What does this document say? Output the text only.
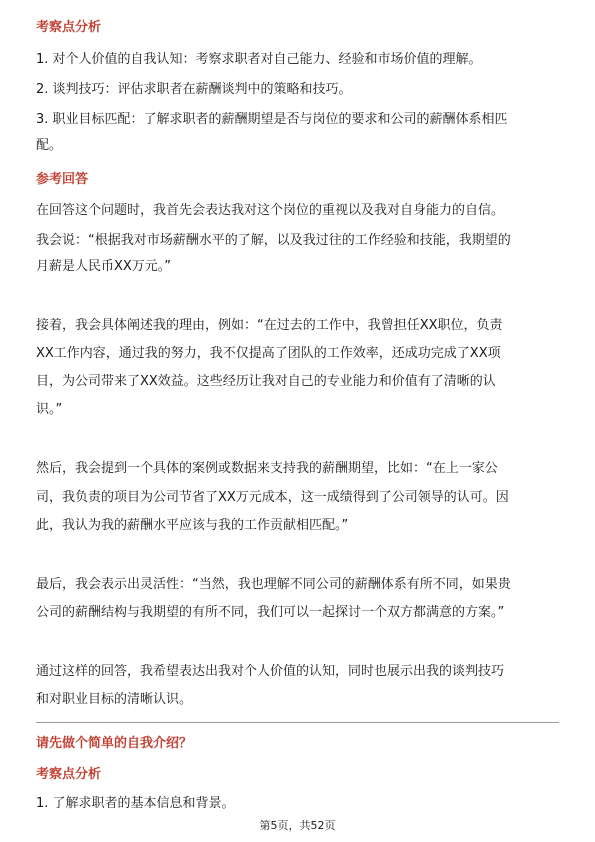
考察点分析
1. 对个人价值的自我认知：考察求职者对自己能力、经验和市场价值的理解。
2. 谈判技巧：评估求职者在薪酬谈判中的策略和技巧。
3. 职业目标匹配：了解求职者的薪酬期望是否与岗位的要求和公司的薪酬体系相匹
配。
参考回答
在回答这个问题时，我首先会表达我对这个岗位的重视以及我对自身能力的自信。
我会说：“根据我对市场薪酬水平的了解，以及我过往的工作经验和技能，我期望的
月薪是人民币XX万元。”
接着，我会具体阐述我的理由，例如：“在过去的工作中，我曾担任XX职位，负责
XX工作内容，通过我的努力，我不仅提高了团队的工作效率，还成功完成了XX项
目，为公司带来了XX效益。这些经历让我对自己的专业能力和价值有了清晰的认
识。”
然后，我会提到一个具体的案例或数据来支持我的薪酬期望，比如：“在上一家公
司，我负责的项目为公司节省了XX万元成本，这一成绩得到了公司领导的认可。因
此，我认为我的薪酬水平应该与我的工作贡献相匹配。”
最后，我会表示出灵活性：“当然，我也理解不同公司的薪酬体系有所不同，如果贵
公司的薪酬结构与我期望的有所不同，我们可以一起探讨一个双方都满意的方案。”
通过这样的回答，我希望表达出我对个人价值的认知，同时也展示出我的谈判技巧
和对职业目标的清晰认识。
请先做个简单的自我介绍？
考察点分析
1. 了解求职者的基本信息和背景。
第5页，共52页
